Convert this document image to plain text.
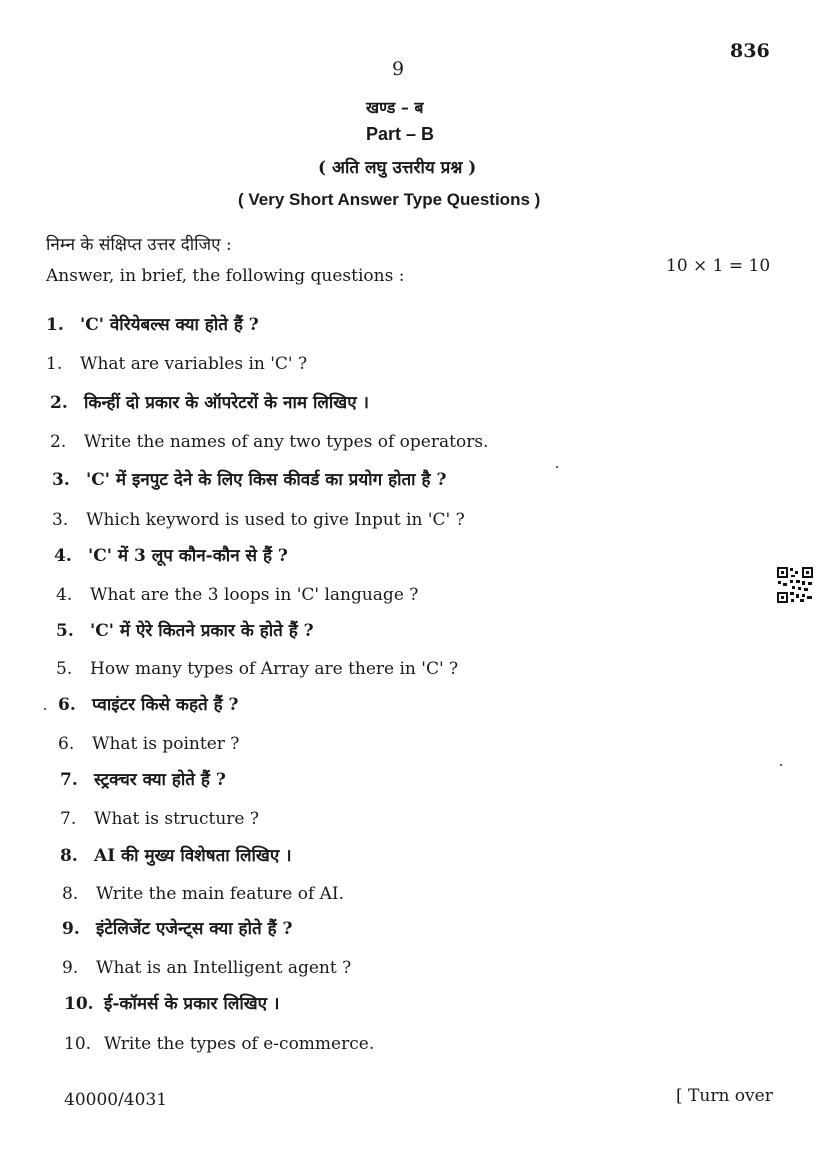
9
836
खण्ड – ब
Part – B
( अति लघु उत्तरीय प्रश्न )
( Very Short Answer Type Questions )
निम्न के संक्षिप्त उत्तर दीजिए :
Answer, in brief, the following questions :	10 × 1 = 10
1. 'C' वेरियेबल्स क्या होते हैं ?
1. What are variables in 'C' ?
2. किन्हीं दो प्रकार के ऑपरेटरों के नाम लिखिए ।
2. Write the names of any two types of operators.
3. 'C' में इनपुट देने के लिए किस कीवर्ड का प्रयोग होता है ?
3. Which keyword is used to give Input in 'C' ?
4. 'C' में 3 लूप कौन-कौन से हैं ?
4. What are the 3 loops in 'C' language ?
5. 'C' में ऐरे कितने प्रकार के होते हैं ?
5. How many types of Array are there in 'C' ?
6. प्वाइंटर किसे कहते हैं ?
6. What is pointer ?
7. स्ट्रक्चर क्या होते हैं ?
7. What is structure ?
8. AI की मुख्य विशेषता लिखिए ।
8. Write the main feature of AI.
9. इंटेलिजेंट एजेन्ट्स क्या होते हैं ?
9. What is an Intelligent agent ?
10. ई-कॉमर्स के प्रकार लिखिए ।
10. Write the types of e-commerce.
40000/4031	[ Turn over
